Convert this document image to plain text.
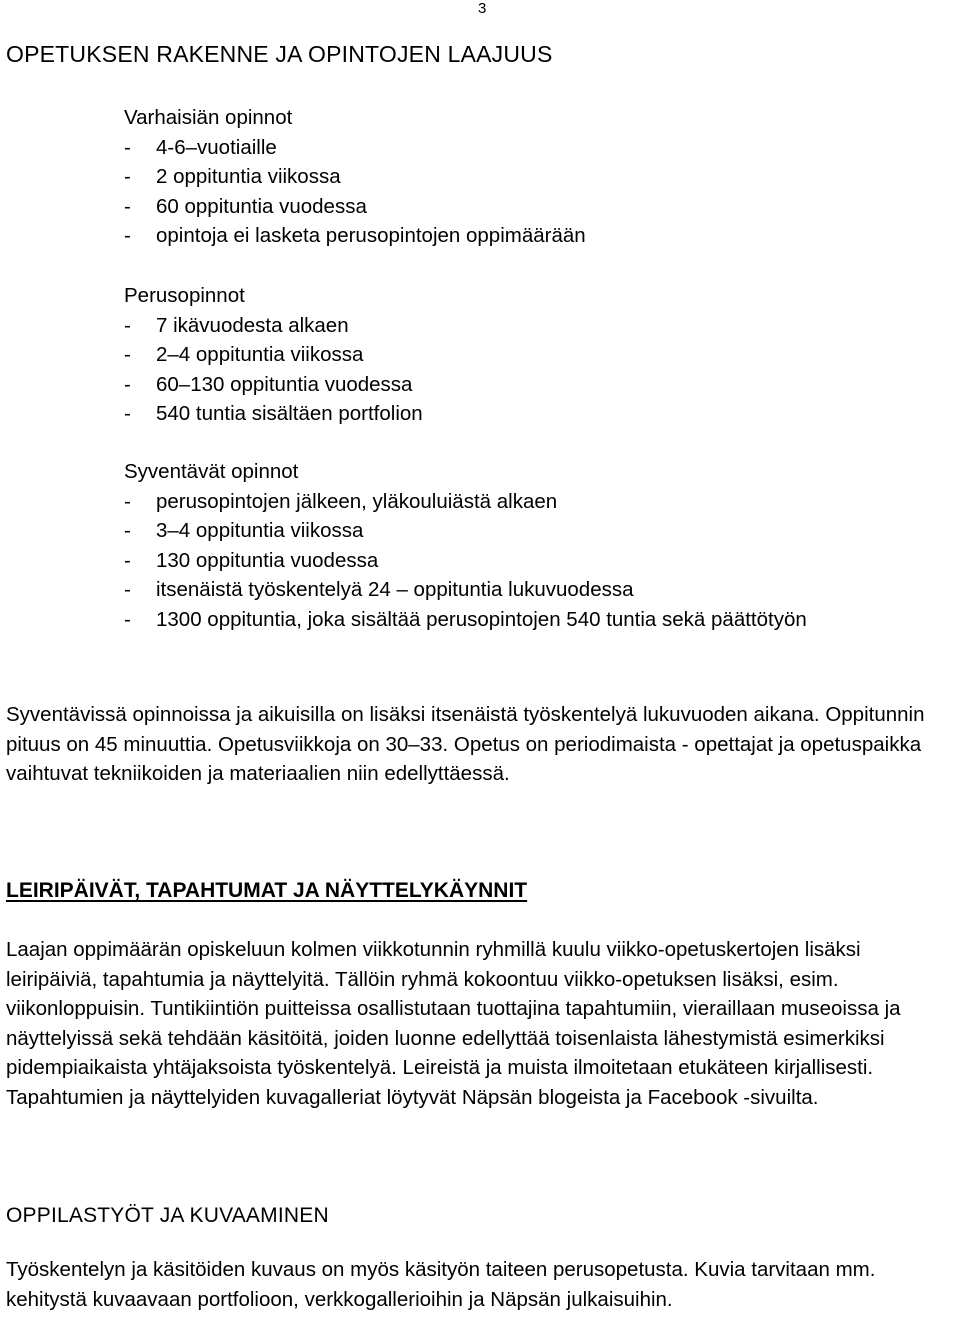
3
OPETUKSEN RAKENNE JA OPINTOJEN LAAJUUS
Varhaisiän opinnot
- 4-6–vuotiaille
- 2 oppituntia viikossa
- 60 oppituntia vuodessa
- opintoja ei lasketa perusopintojen oppimäärään
Perusopinnot
- 7 ikävuodesta alkaen
- 2–4 oppituntia viikossa
- 60–130 oppituntia vuodessa
- 540 tuntia sisältäen portfolion
Syventävät opinnot
- perusopintojen jälkeen, yläkouluiästä alkaen
- 3–4 oppituntia viikossa
- 130 oppituntia vuodessa
- itsenäistä työskentelyä 24 – oppituntia lukuvuodessa
- 1300 oppituntia, joka sisältää perusopintojen 540 tuntia sekä päättötyön

Syventävissä opinnoissa ja aikuisilla on lisäksi itsenäistä työskentelyä lukuvuoden aikana. Oppitunnin pituus on 45 minuuttia. Opetusviikkoja on 30–33. Opetus on periodimaista - opettajat ja opetuspaikka vaihtuvat tekniikoiden ja materiaalien niin edellyttäessä.

LEIRIPÄIVÄT, TAPAHTUMAT JA NÄYTTELYKÄYNNIT

Laajan oppimäärän opiskeluun kolmen viikkotunnin ryhmillä kuulu viikko-opetuskertojen lisäksi leiripäiviä, tapahtumia ja näyttelyitä. Tällöin ryhmä kokoontuu viikko-opetuksen lisäksi, esim. viikonloppuisin. Tuntikiintiön puitteissa osallistutaan tuottajina tapahtumiin, vieraillaan museoissa ja näyttelyissä sekä tehdään käsitöitä, joiden luonne edellyttää toisenlaista lähestymistä esimerkiksi pidempiaikaista yhtäjaksoista työskentelyä. Leireistä ja muista ilmoitetaan etukäteen kirjallisesti. Tapahtumien ja näyttelyiden kuvagalleriat löytyvät Näpsän blogeista ja Facebook -sivuilta.

OPPILASTYÖT JA KUVAAMINEN

Työskentelyn ja käsitöiden kuvaus on myös käsityön taiteen perusopetusta. Kuvia tarvitaan mm. kehitystä kuvaavaan portfolioon, verkkogallerioihin ja Näpsän julkaisuihin.
